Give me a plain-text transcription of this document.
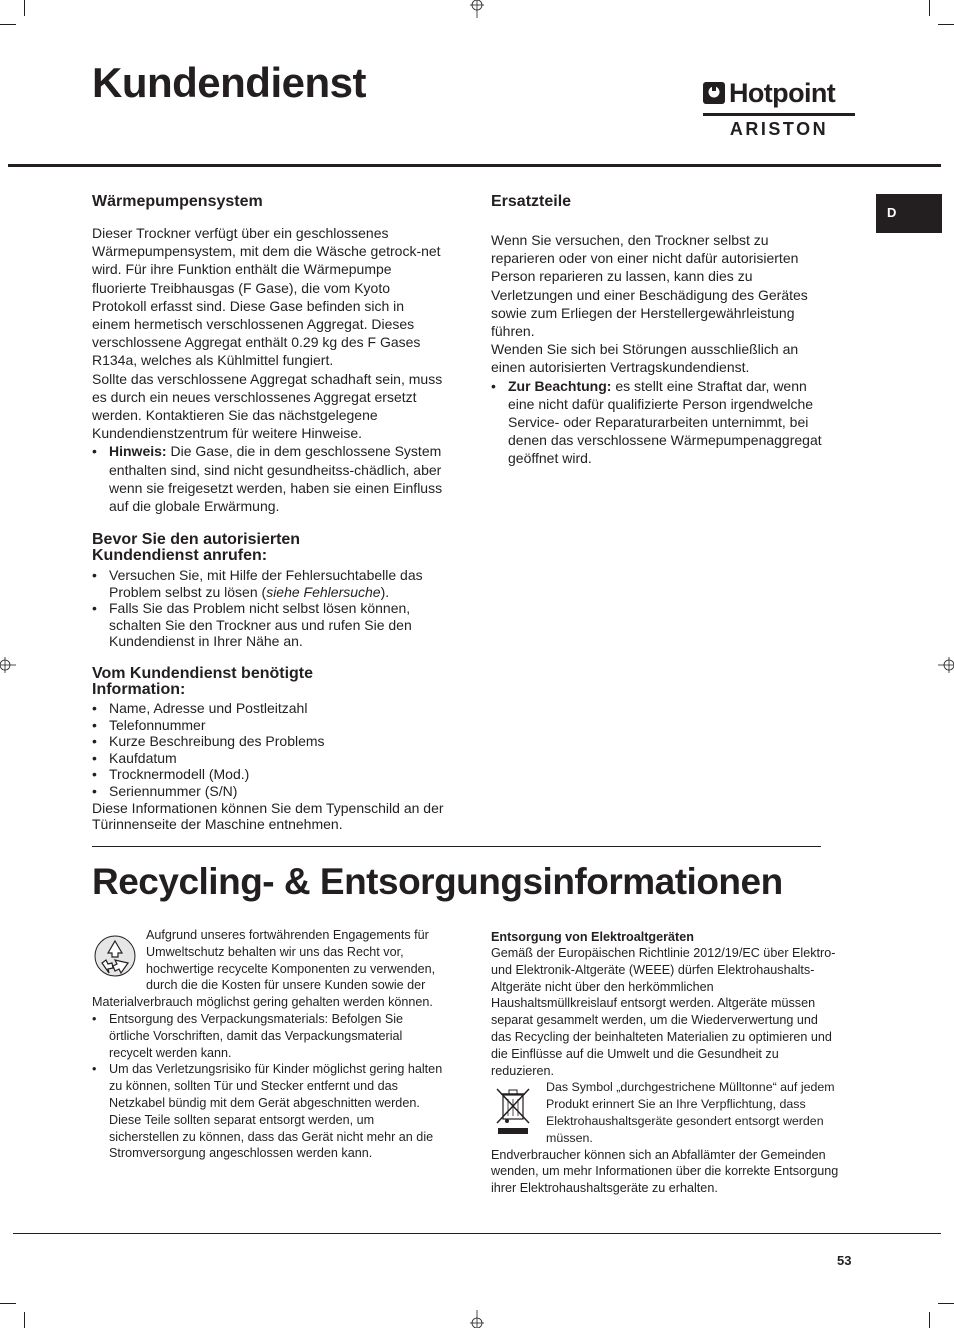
Kundendienst	Hotpoint
ARISTON
D
Wärmepumpensystem

Dieser Trockner verfügt über ein geschlossenes Wärmepumpensystem, mit dem die Wäsche getrock-net wird. Für ihre Funktion enthält die Wärmepumpe fluorierte Treibhausgas (F Gase), die vom Kyoto Protokoll erfasst sind. Diese Gase befinden sich in einem hermetisch verschlossenen Aggregat. Dieses verschlossene Aggregat enthält 0.29 kg des F Gases R134a, welches als Kühlmittel fungiert.

Sollte das verschlossene Aggregat schadhaft sein, muss es durch ein neues verschlossenes Aggregat ersetzt werden. Kontaktieren Sie das nächstgelegene Kundendienstzentrum für weitere Hinweise.

• Hinweis: Die Gase, die in dem geschlossene System enthalten sind, sind nicht gesundheitss-chädlich, aber wenn sie freigesetzt werden, haben sie einen Einfluss auf die globale Erwärmung.
Bevor Sie den autorisierten
Kundendienst anrufen:
• Versuchen Sie, mit Hilfe der Fehlersuchtabelle das Problem selbst zu lösen (siehe Fehlersuche).
• Falls Sie das Problem nicht selbst lösen können, schalten Sie den Trockner aus und rufen Sie den Kundendienst in Ihrer Nähe an.
Vom Kundendienst benötigte
Information:
• Name, Adresse und Postleitzahl
• Telefonnummer
• Kurze Beschreibung des Problems
• Kaufdatum
• Trocknermodell (Mod.)
• Seriennummer (S/N)

Diese Informationen können Sie dem Typenschild an der Türinnenseite der Maschine entnehmen.

Ersatzteile

Wenn Sie versuchen, den Trockner selbst zu reparieren oder von einer nicht dafür autorisierten Person reparieren zu lassen, kann dies zu Verletzungen und einer Beschädigung des Gerätes sowie zum Erliegen der Herstellergewährleistung führen.

Wenden Sie sich bei Störungen ausschließlich an einen autorisierten Vertragskundendienst.

• Zur Beachtung: es stellt eine Straftat dar, wenn eine nicht dafür qualifizierte Person irgendwelche Service- oder Reparaturarbeiten unternimmt, bei denen das verschlossene Wärmepumpenaggregat geöffnet wird.
Recycling- & Entsorgungsinformationen

Aufgrund unseres fortwährenden Engagements für Umweltschutz behalten wir uns das Recht vor, hochwertige recycelte Komponenten zu verwenden, durch die die Kosten für unsere Kunden sowie der Materialverbrauch möglichst gering gehalten werden können.

• Entsorgung des Verpackungsmaterials: Befolgen Sie örtliche Vorschriften, damit das Verpackungsmaterial recycelt werden kann.
• Um das Verletzungsrisiko für Kinder möglichst gering halten zu können, sollten Tür und Stecker entfernt und das Netzkabel bündig mit dem Gerät abgeschnitten werden. Diese Teile sollten separat entsorgt werden, um sicherstellen zu können, dass das Gerät nicht mehr an die Stromversorgung angeschlossen werden kann.
Entsorgung von Elektroaltgeräten

Gemäß der Europäischen Richtlinie 2012/19/EC über Elektro- und Elektronik-Altgeräte (WEEE) dürfen Elektrohaushalts-Altgeräte nicht über den herkömmlichen Haushaltsmüllkreislauf entsorgt werden. Altgeräte müssen separat gesammelt werden, um die Wiederverwertung und das Recycling der beinhalteten Materialien zu optimieren und die Einflüsse auf die Umwelt und die Gesundheit zu reduzieren.

Das Symbol „durchgestrichene Mülltonne“ auf jedem Produkt erinnert Sie an Ihre Verpflichtung, dass Elektrohaushaltsgeräte gesondert entsorgt werden müssen.

Endverbraucher können sich an Abfallämter der Gemeinden wenden, um mehr Informationen über die korrekte Entsorgung ihrer Elektrohaushaltsgeräte zu erhalten.

53
